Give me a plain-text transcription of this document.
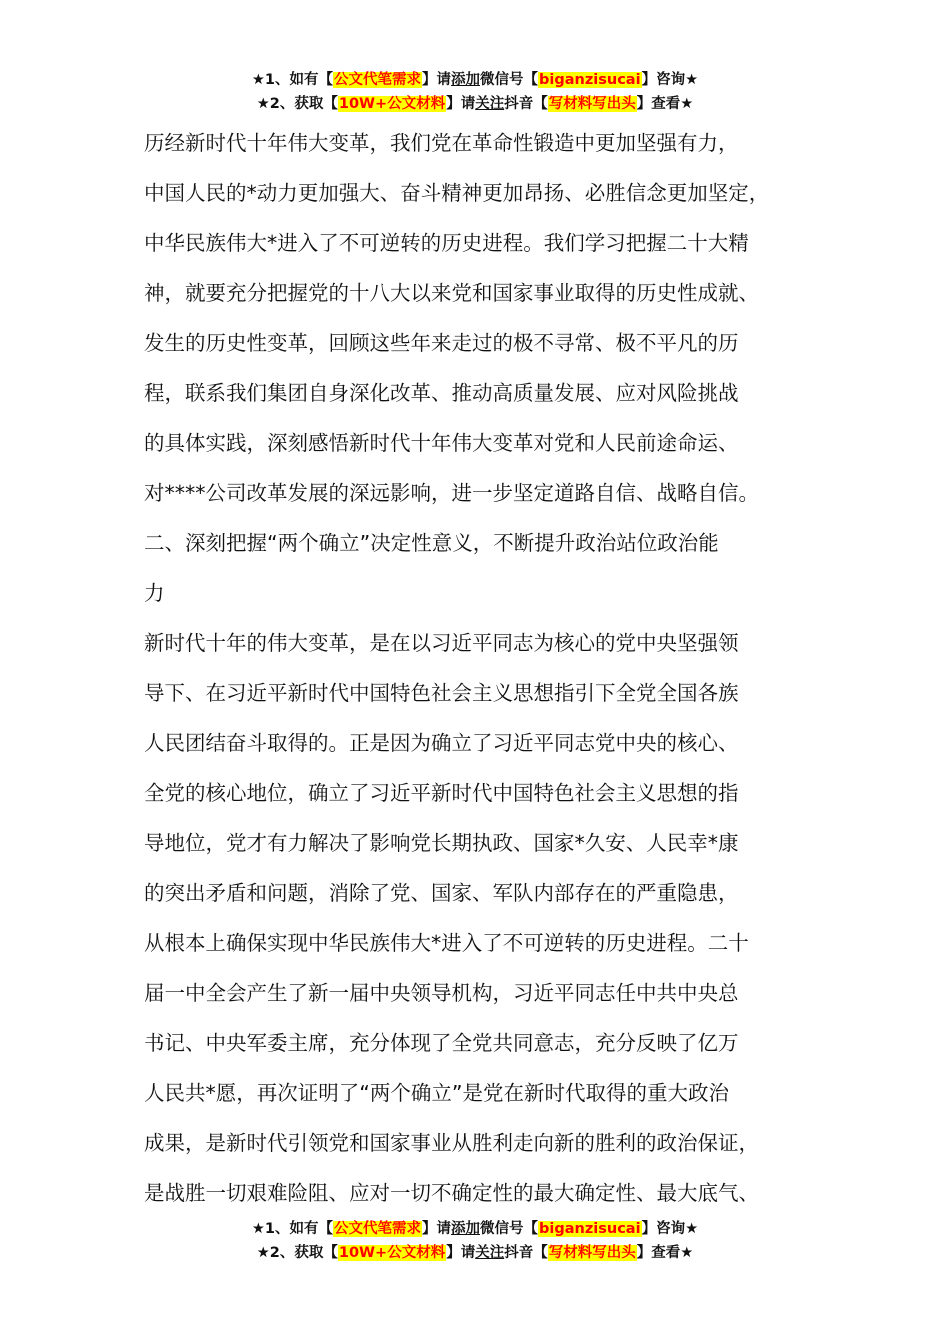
★1、如有【公文代笔需求】请添加微信号【biganzisucai】咨询★
★2、获取【10W+公文材料】请关注抖音【写材料写出头】查看★
历经新时代十年伟大变革，我们党在革命性锻造中更加坚强有力，
中国人民的*动力更加强大、奋斗精神更加昂扬、必胜信念更加坚定，
中华民族伟大*进入了不可逆转的历史进程。我们学习把握二十大精
神，就要充分把握党的十八大以来党和国家事业取得的历史性成就、
发生的历史性变革，回顾这些年来走过的极不寻常、极不平凡的历
程，联系我们集团自身深化改革、推动高质量发展、应对风险挑战
的具体实践，深刻感悟新时代十年伟大变革对党和人民前途命运、
对****公司改革发展的深远影响，进一步坚定道路自信、战略自信。
二、深刻把握“两个确立”决定性意义，不断提升政治站位政治能
力
新时代十年的伟大变革，是在以习近平同志为核心的党中央坚强领
导下、在习近平新时代中国特色社会主义思想指引下全党全国各族
人民团结奋斗取得的。正是因为确立了习近平同志党中央的核心、
全党的核心地位，确立了习近平新时代中国特色社会主义思想的指
导地位，党才有力解决了影响党长期执政、国家*久安、人民幸*康
的突出矛盾和问题，消除了党、国家、军队内部存在的严重隐患，
从根本上确保实现中华民族伟大*进入了不可逆转的历史进程。二十
届一中全会产生了新一届中央领导机构，习近平同志任中共中央总
书记、中央军委主席，充分体现了全党共同意志，充分反映了亿万
人民共*愿，再次证明了“两个确立”是党在新时代取得的重大政治
成果，是新时代引领党和国家事业从胜利走向新的胜利的政治保证，
是战胜一切艰难险阻、应对一切不确定性的最大确定性、最大底气、
★1、如有【公文代笔需求】请添加微信号【biganzisucai】咨询★
★2、获取【10W+公文材料】请关注抖音【写材料写出头】查看★
